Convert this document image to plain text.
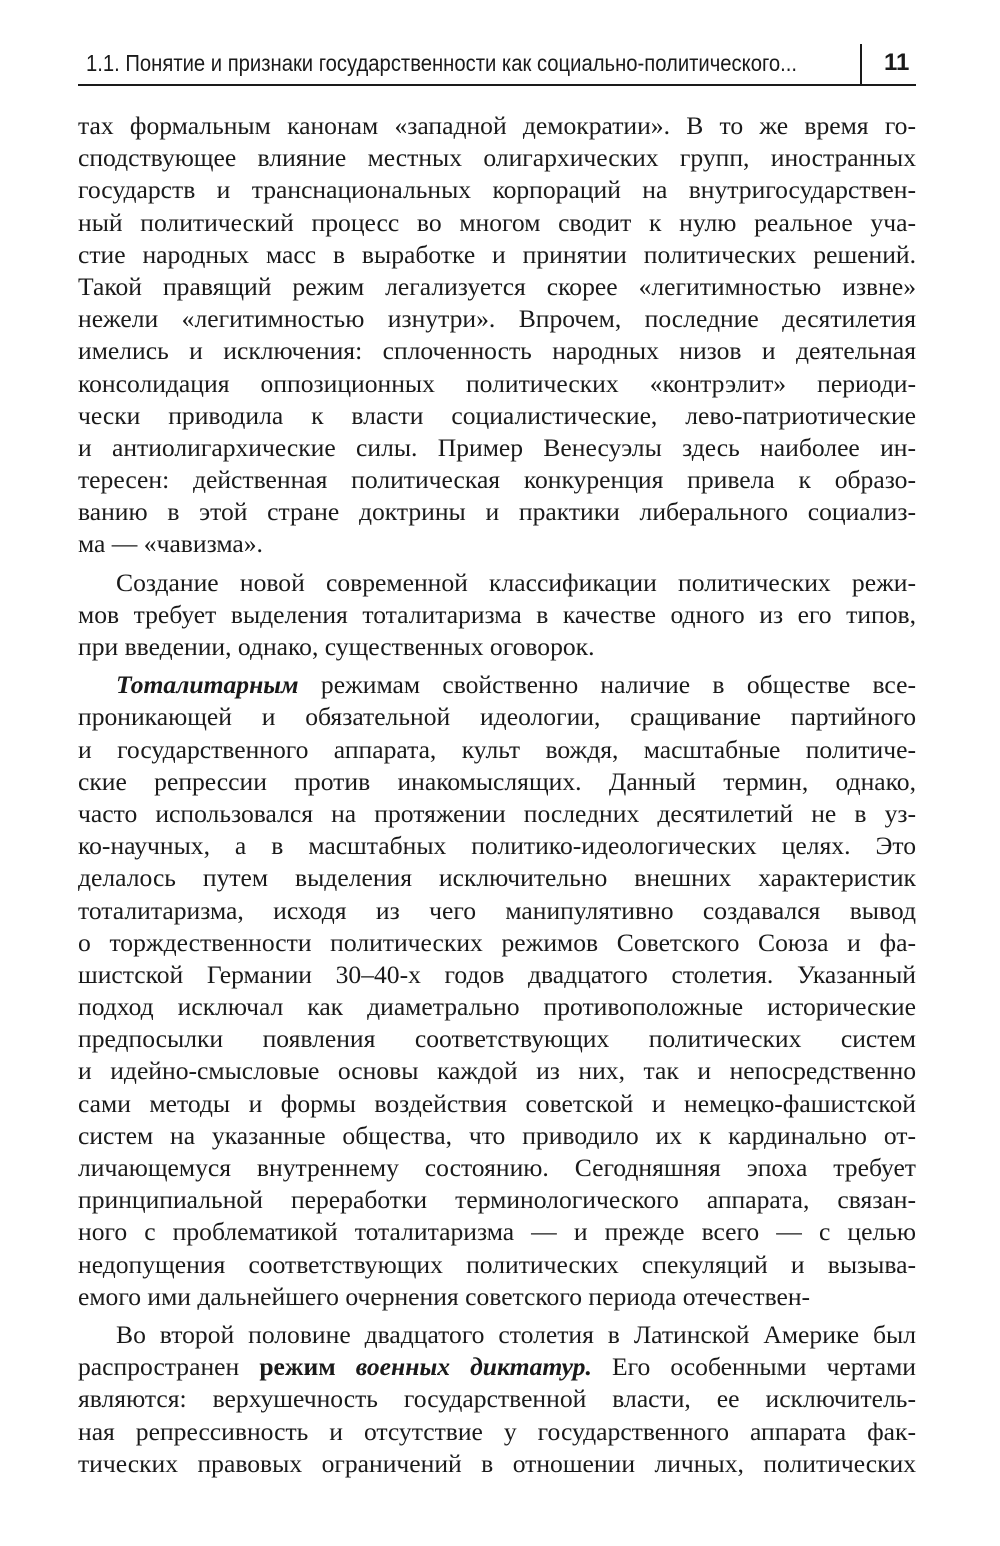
1.1. Понятие и признаки государственности как социально-политического...	11
тах формальным канонам «западной демократии». В то же время го-
сподствующее влияние местных олигархических групп, иностранных
государств и транснациональных корпораций на внутригосударствен-
ный политический процесс во многом сводит к нулю реальное уча-
стие народных масс в выработке и принятии политических решений.
Такой правящий режим легализуется скорее «легитимностью извне»
нежели «легитимностью изнутри». Впрочем, последние десятилетия
имелись и исключения: сплоченность народных низов и деятельная
консолидация оппозиционных политических «контрэлит» периоди-
чески приводила к власти социалистические, лево-патриотические
и антиолигархические силы. Пример Венесуэлы здесь наиболее ин-
тересен: действенная политическая конкуренция привела к образо-
ванию в этой стране доктрины и практики либерального социализ-
ма — «чавизма».
Создание новой современной классификации политических режи-
мов требует выделения тоталитаризма в качестве одного из его типов,
при введении, однако, существенных оговорок.
Тоталитарным режимам свойственно наличие в обществе все-
проникающей и обязательной идеологии, сращивание партийного
и государственного аппарата, культ вождя, масштабные политиче-
ские репрессии против инакомыслящих. Данный термин, однако,
часто использовался на протяжении последних десятилетий не в уз-
ко-научных, а в масштабных политико-идеологических целях. Это
делалось путем выделения исключительно внешних характеристик
тоталитаризма, исходя из чего манипулятивно создавался вывод
о торждественности политических режимов Советского Союза и фа-
шистской Германии 30–40-х годов двадцатого столетия. Указанный
подход исключал как диаметрально противоположные исторические
предпосылки появления соответствующих политических систем
и идейно-смысловые основы каждой из них, так и непосредственно
сами методы и формы воздействия советской и немецко-фашистской
систем на указанные общества, что приводило их к кардинально от-
личающемуся внутреннему состоянию. Сегодняшняя эпоха требует
принципиальной переработки терминологического аппарата, связан-
ного с проблематикой тоталитаризма — и прежде всего — с целью
недопущения соответствующих политических спекуляций и вызыва-
емого ими дальнейшего очернения советского периода отечествен-
Во второй половине двадцатого столетия в Латинской Америке был
распространен режим военных диктатур. Его особенными чертами
являются: верхушечность государственной власти, ее исключитель-
ная репрессивность и отсутствие у государственного аппарата фак-
тических правовых ограничений в отношении личных, политических
